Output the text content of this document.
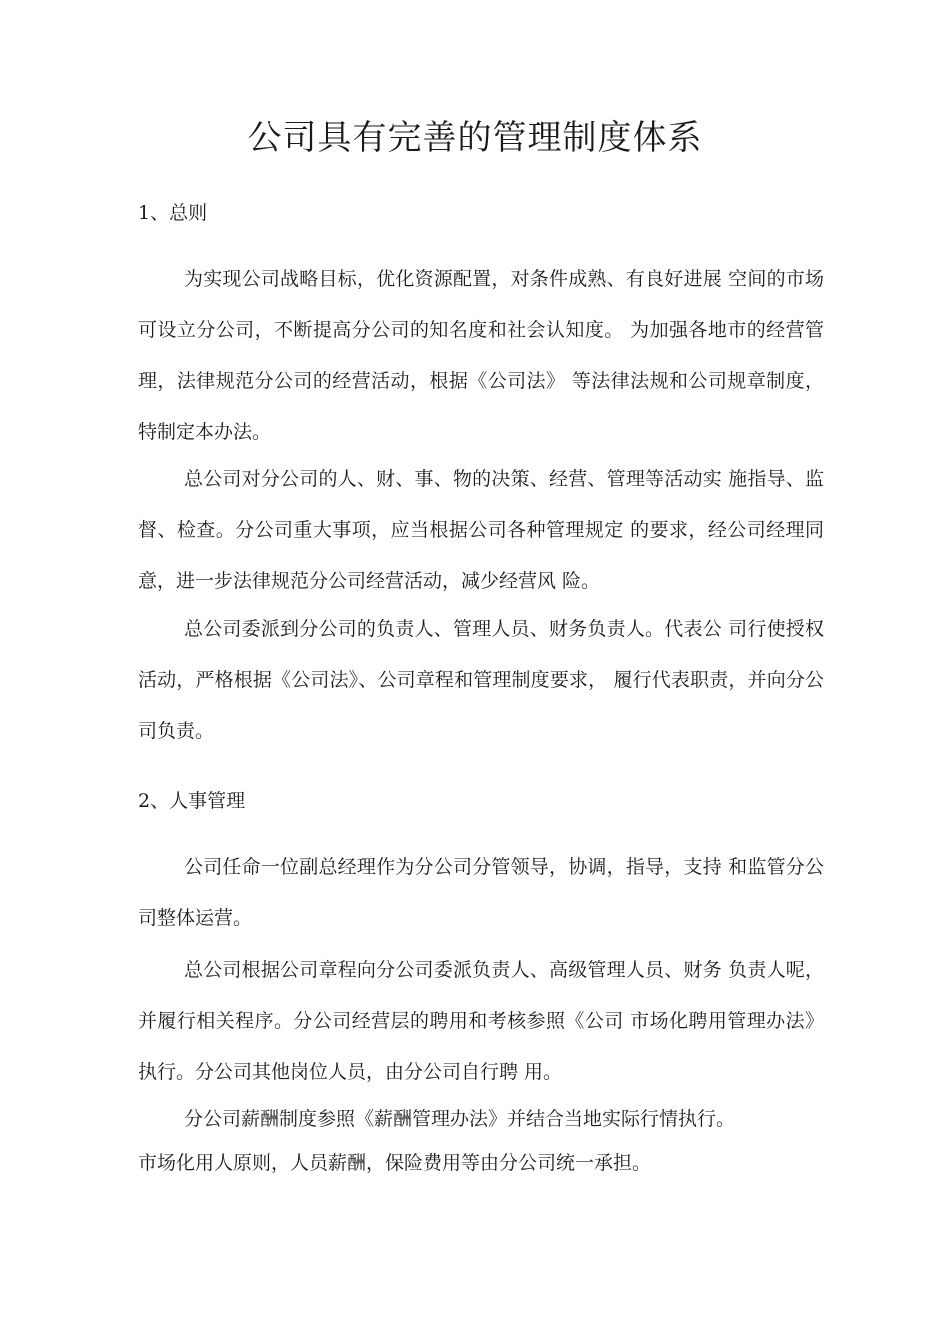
公司具有完善的管理制度体系
1、总则

为实现公司战略目标，优化资源配置，对条件成熟、有良好进展 空间的市场可设立分公司，不断提高分公司的知名度和社会认知度。 为加强各地市的经营管理，法律规范分公司的经营活动，根据《公司法》 等法律法规和公司规章制度，特制定本办法。

总公司对分公司的人、财、事、物的决策、经营、管理等活动实 施指导、监督、检查。分公司重大事项，应当根据公司各种管理规定 的要求，经公司经理同意，进一步法律规范分公司经营活动，减少经营风 险。

总公司委派到分公司的负责人、管理人员、财务负责人。代表公 司行使授权活动，严格根据《公司法》、公司章程和管理制度要求， 履行代表职责，并向分公司负责。

2、人事管理

公司任命一位副总经理作为分公司分管领导，协调，指导，支持 和监管分公司整体运营。

总公司根据公司章程向分公司委派负责人、高级管理人员、财务 负责人呢，并履行相关程序。分公司经营层的聘用和考核参照《公司 市场化聘用管理办法》执行。分公司其他岗位人员，由分公司自行聘 用。

分公司薪酬制度参照《薪酬管理办法》并结合当地实际行情执行。

市场化用人原则，人员薪酬，保险费用等由分公司统一承担。
